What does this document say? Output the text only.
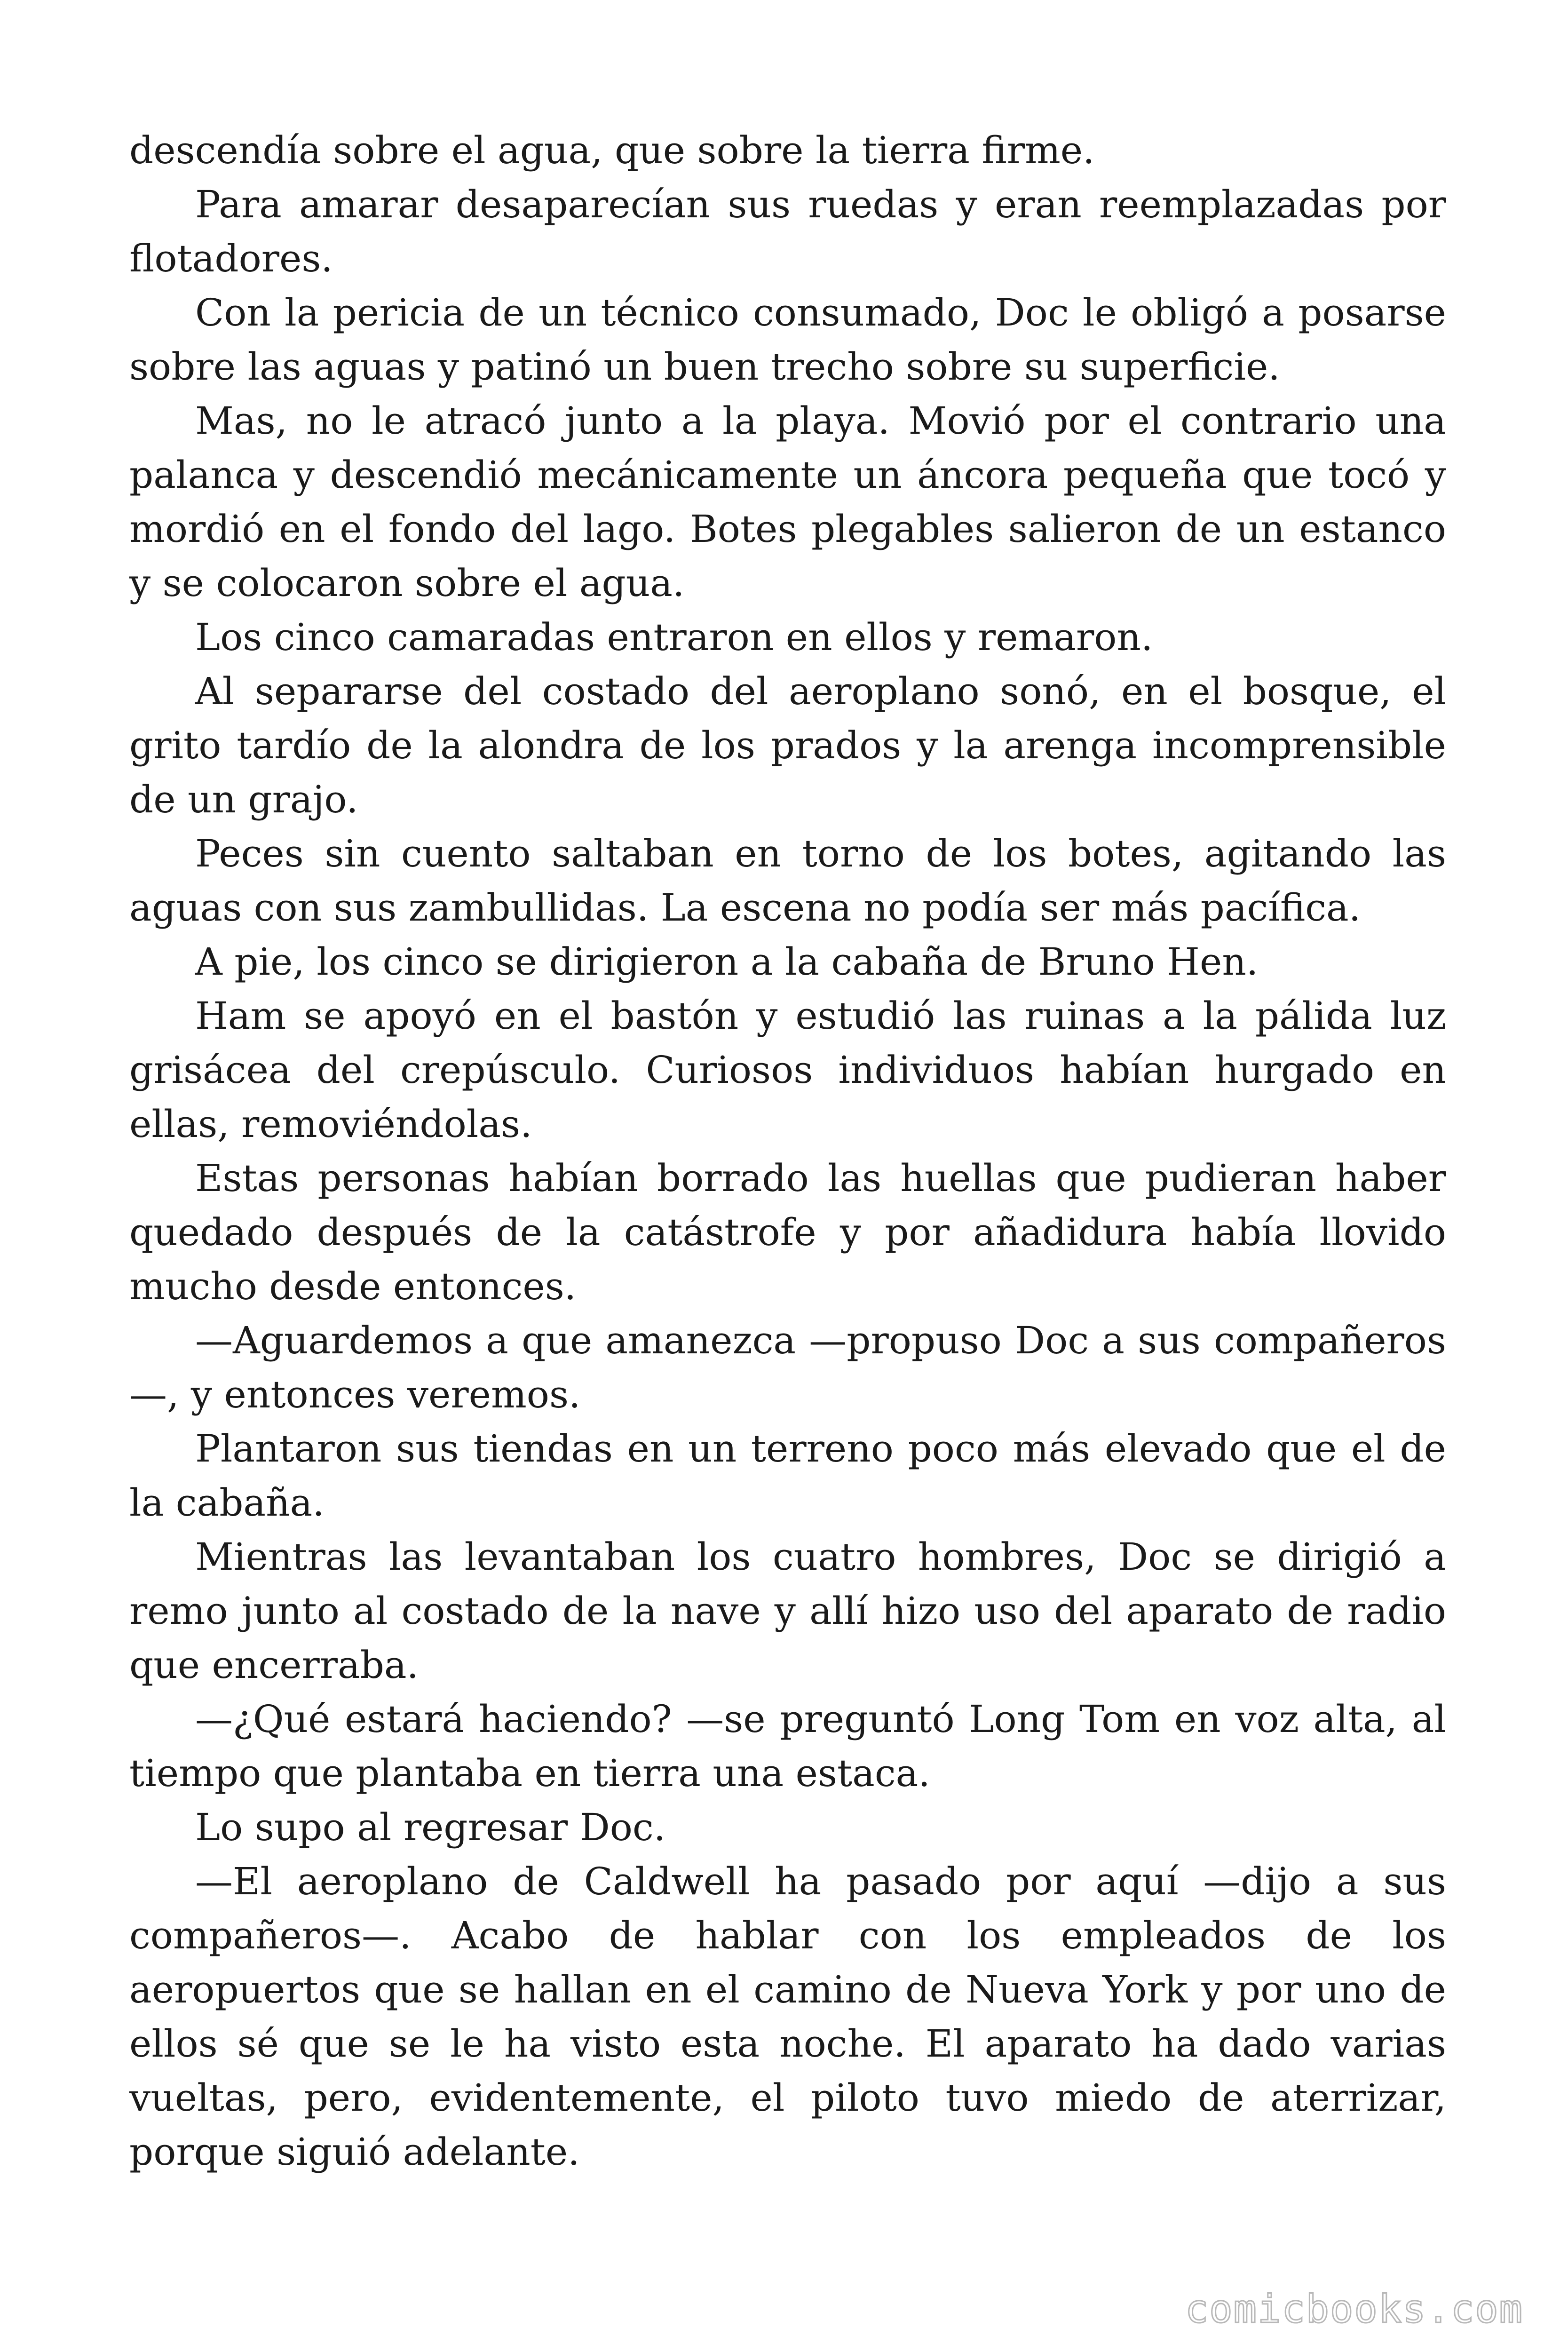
descendía sobre el agua, que sobre la tierra firme.

Para amarar desaparecían sus ruedas y eran reemplazadas por flotadores.

Con la pericia de un técnico consumado, Doc le obligó a posarse sobre las aguas y patinó un buen trecho sobre su superficie.

Mas, no le atracó junto a la playa. Movió por el contrario una palanca y descendió mecánicamente un áncora pequeña que tocó y mordió en el fondo del lago. Botes plegables salieron de un estanco y se colocaron sobre el agua.

Los cinco camaradas entraron en ellos y remaron.

Al separarse del costado del aeroplano sonó, en el bosque, el grito tardío de la alondra de los prados y la arenga incomprensible de un grajo.

Peces sin cuento saltaban en torno de los botes, agitando las aguas con sus zambullidas. La escena no podía ser más pacífica.

A pie, los cinco se dirigieron a la cabaña de Bruno Hen.

Ham se apoyó en el bastón y estudió las ruinas a la pálida luz grisácea del crepúsculo. Curiosos individuos habían hurgado en ellas, removiéndolas.

Estas personas habían borrado las huellas que pudieran haber quedado después de la catástrofe y por añadidura había llovido mucho desde entonces.

—Aguardemos a que amanezca —propuso Doc a sus compañeros —, y entonces veremos.

Plantaron sus tiendas en un terreno poco más elevado que el de la cabaña.

Mientras las levantaban los cuatro hombres, Doc se dirigió a remo junto al costado de la nave y allí hizo uso del aparato de radio que encerraba.

—¿Qué estará haciendo? —se preguntó Long Tom en voz alta, al tiempo que plantaba en tierra una estaca.

Lo supo al regresar Doc.

—El aeroplano de Caldwell ha pasado por aquí —dijo a sus compañeros—. Acabo de hablar con los empleados de los aeropuertos que se hallan en el camino de Nueva York y por uno de ellos sé que se le ha visto esta noche. El aparato ha dado varias vueltas, pero, evidentemente, el piloto tuvo miedo de aterrizar, porque siguió adelante.

comicbooks.com
